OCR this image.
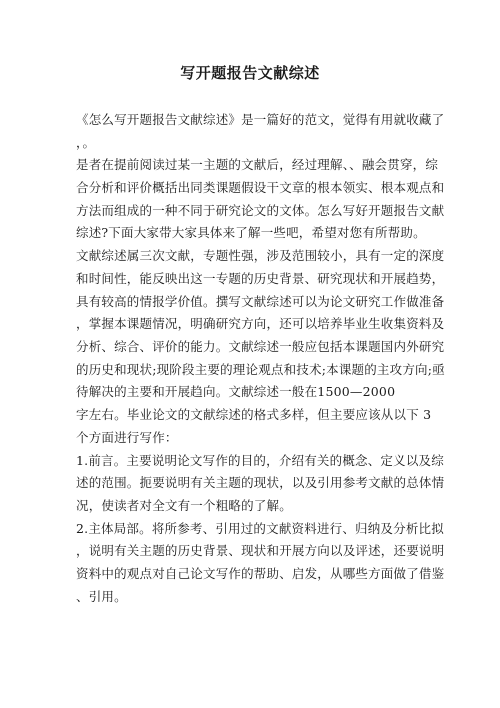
写开题报告文献综述
《怎么写开题报告文献综述》是一篇好的范文，觉得有用就收藏了
，。
是者在提前阅读过某一主题的文献后，经过理解、、融会贯穿，综
合分析和评价概括出同类课题假设干文章的根本领实、根本观点和
方法而组成的一种不同于研究论文的文体。怎么写好开题报告文献
综述?下面大家带大家具体来了解一些吧，希望对您有所帮助。
文献综述属三次文献，专题性强，涉及范围较小，具有一定的深度
和时间性，能反映出这一专题的历史背景、研究现状和开展趋势，
具有较高的情报学价值。撰写文献综述可以为论文研究工作做准备
，掌握本课题情况，明确研究方向，还可以培养毕业生收集资料及
分析、综合、评价的能力。文献综述一般应包括本课题国内外研究
的历史和现状;现阶段主要的理论观点和技术;本课题的主攻方向;亟
待解决的主要和开展趋向。文献综述一般在1500—2000
字左右。毕业论文的文献综述的格式多样，但主要应该从以下 3
个方面进行写作：
1.前言。主要说明论文写作的目的，介绍有关的概念、定义以及综
述的范围。扼要说明有关主题的现状，以及引用参考文献的总体情
况，使读者对全文有一个粗略的了解。
2.主体局部。将所参考、引用过的文献资料进行、归纳及分析比拟
，说明有关主题的历史背景、现状和开展方向以及评述，还要说明
资料中的观点对自己论文写作的帮助、启发，从哪些方面做了借鉴
、引用。
